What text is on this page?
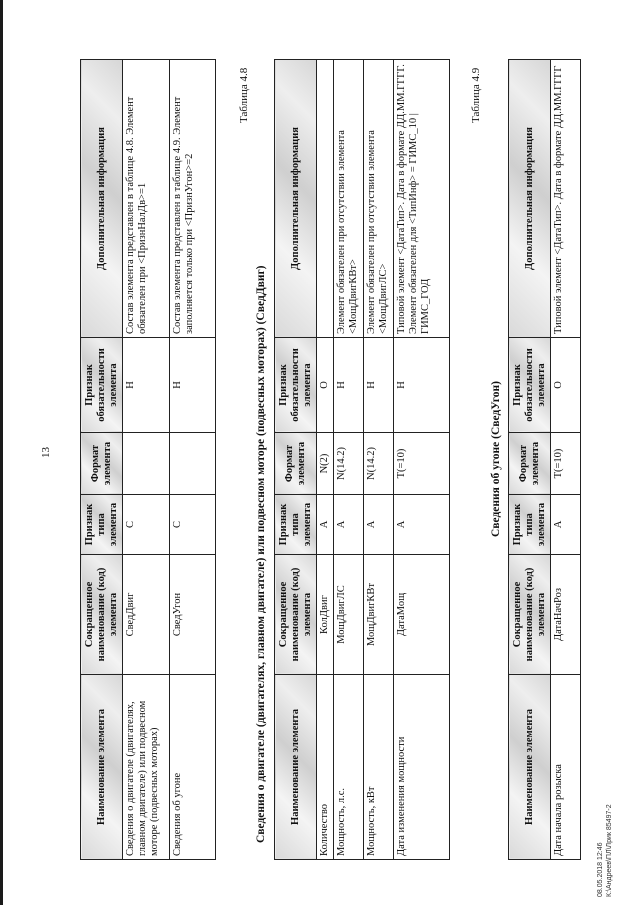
13
Наименование элемента	Сокращенное наименование (код) элемента	Признак типа элемента	Формат элемента	Признак обязательности элемента	Дополнительная информация
Сведения о двигателе (двигателях, главном двигателе) или подвесном моторе (подвесных моторах)	СведДвиг	С		Н	Состав элемента представлен в таблице 4.8. Элемент обязателен при <ПризнНалДв>=1
Сведения об угоне	СведУгон	С		Н	Состав элемента представлен в таблице 4.9. Элемент заполняется только при <ПризнУгон>=2
Таблица 4.8
Сведения о двигателе (двигателях, главном двигателе) или подвесном моторе (подвесных моторах) (СведДвиг) Наименование элемента	Сокращенное наименование (код) элемента	Признак типа элемента	Формат элемента	Признак обязательности элемента	Дополнительная информация
Количество	КолДвиг	А	N(2)	О	
Мощность, л.с.	МощДвигЛС	А	N(14.2)	Н	Элемент обязателен при отсутствии элемента <МощДвигКВт>
Мощность, кВт	МощДвигКВт	А	N(14.2)	Н	Элемент обязателен при отсутствии элемента <МощДвигЛС>
Дата изменения мощности	ДатаМощ	А	T(=10)	Н	Типовой элемент <ДатаТип>. Дата в формате ДД.ММ.ГГГГ. Элемент обязателен для <ТипИнф> = ГИМС_10 | ГИМС_ГОД
Таблица 4.9
Сведения об угоне (СведУгон)
Наименование элемента	Сокращенное наименование (код) элемента	Признак типа элемента	Формат элемента	Признак обязательности элемента	Дополнительная информация
Дата начала розыска	ДатаНачРоз	А	T(=10)	О	Типовой элемент <ДатаТип>. Дата в формате ДД.ММ.ГГГГ
08.05.2018 12:46 К:\Андреев\ПЛ\Лрик 85497-2
